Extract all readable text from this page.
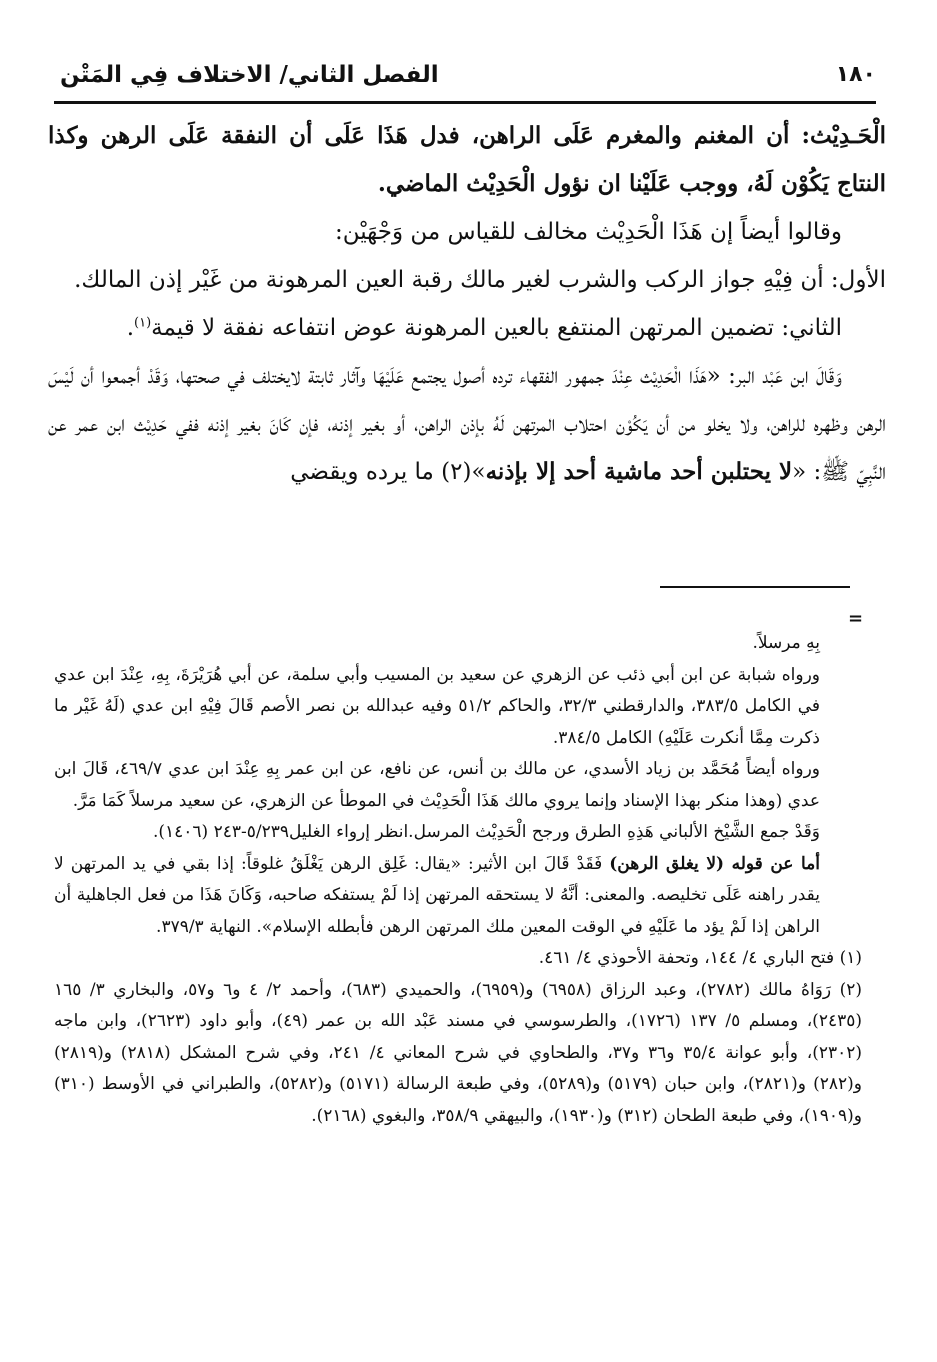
١٨٠
الفصل الثاني/ الاختلاف فِي المَتْن

الْحَـدِيْث: أن المغنم والمغرم عَلَى الراهن، فدل هَذَا عَلَى أن النفقة عَلَى الرهن وكذا النتاج يَكُوْن لَهُ، ووجب عَلَيْنا ان نؤول الْحَدِيْث الماضي.

وقالوا أيضاً إن هَذَا الْحَدِيْث مخالف للقياس من وَجْهَيْن:

الأول: أن فِيْهِ جواز الركب والشرب لغير مالك رقبة العين المرهونة من غَيْر إذن المالك.

الثاني: تضمين المرتهن المنتفع بالعين المرهونة عوض انتفاعه نفقة لا قيمة$^{(١)}$.

وَقَالَ ابن عَبْد البر: «هَذَا الْحَدِيْث عِنْدَ جمهور الفقهاء ترده أصول يجتمع عَلَيْهَا وآثار ثابتة لايختلف في صحتها، وَقَدْ أجمعوا أن لَيْسَ الرهن وظهره للراهن، ولا يخلو من أن يَكُوْن احتلاب المرتهن لَهُ بإذن الراهن، أو بغير إذنه، فإن كَانَ بغير إذنه ففي حَدِيْث ابن عمر عن النَّبِيّ ﷺ: «لا يحتلبن أحد ماشية أحد إلا بإذنه»(٢) ما يرده ويقضي

=

بِهِ مرسلاً.

ورواه شبابة عن ابن أبي ذئب عن الزهري عن سعيد بن المسيب وأبي سلمة، عن أبي هُرَيْرَةَ، بِهِ، عِنْدَ ابن عدي في الكامل ٣٨٣/٥، والدارقطني ٣٢/٣، والحاكم ٥١/٢ وفيه عبدالله بن نصر الأصم قَالَ فِيْهِ ابن عدي (لَهُ غَيْر ما ذكرت مِمَّا أنكرت عَلَيْهِ) الكامل ٣٨٤/٥.

ورواه أيضاً مُحَمَّد بن زياد الأسدي، عن مالك بن أنس، عن نافع، عن ابن عمر بِهِ عِنْدَ ابن عدي ٤٦٩/٧، قَالَ ابن عدي (وهذا منكر بهذا الإسناد وإنما يروي مالك هَذَا الْحَدِيْث في الموطأ عن الزهري، عن سعيد مرسلاً كَمَا مَرَّ.

وَقَدْ جمع الشَّيْخ الألباني هَذِهِ الطرق ورجح الْحَدِيْث المرسل.انظر إرواء الغليل٥/٢٣٩-٢٤٣ (١٤٠٦).

أما عن قوله (لا يغلق الرهن) فَقَدْ قَالَ ابن الأثير: «يقال: غَلِق الرهن يَغْلَقُ غلوقاً: إذا بقي في يد المرتهن لا يقدر راهنه عَلَى تخليصه. والمعنى: أنَّهُ لا يستحقه المرتهن إذا لَمْ يستفكه صاحبه، وَكَانَ هَذَا من فعل الجاهلية أن الراهن إذا لَمْ يؤد ما عَلَيْهِ في الوقت المعين ملك المرتهن الرهن فأبطله الإسلام». النهاية ٣٧٩/٣.

(١) فتح الباري ٤/ ١٤٤، وتحفة الأحوذي ٤/ ٤٦١.

(٢) رَوَاهُ مالك (٢٧٨٢)، وعبد الرزاق (٦٩٥٨) و(٦٩٥٩)، والحميدي (٦٨٣)، وأحمد ٢/ ٤ و٦ و٥٧، والبخاري ٣/ ١٦٥ (٢٤٣٥)، ومسلم ٥/ ١٣٧ (١٧٢٦)، والطرسوسي في مسند عَبْد الله بن عمر (٤٩)، وأبو داود (٢٦٢٣)، وابن ماجه (٢٣٠٢)، وأبو عوانة ٣٥/٤ و٣٦ و٣٧، والطحاوي في شرح المعاني ٤/ ٢٤١، وفي شرح المشكل (٢٨١٨) و(٢٨١٩) و(٢٨٢) و(٢٨٢١)، وابن حبان (٥١٧٩) و(٥٢٨٩)، وفي طبعة الرسالة (٥١٧١) و(٥٢٨٢)، والطبراني في الأوسط (٣١٠) و(١٩٠٩)، وفي طبعة الطحان (٣١٢) و(١٩٣٠)، والبيهقي ٣٥٨/٩، والبغوي (٢١٦٨).
